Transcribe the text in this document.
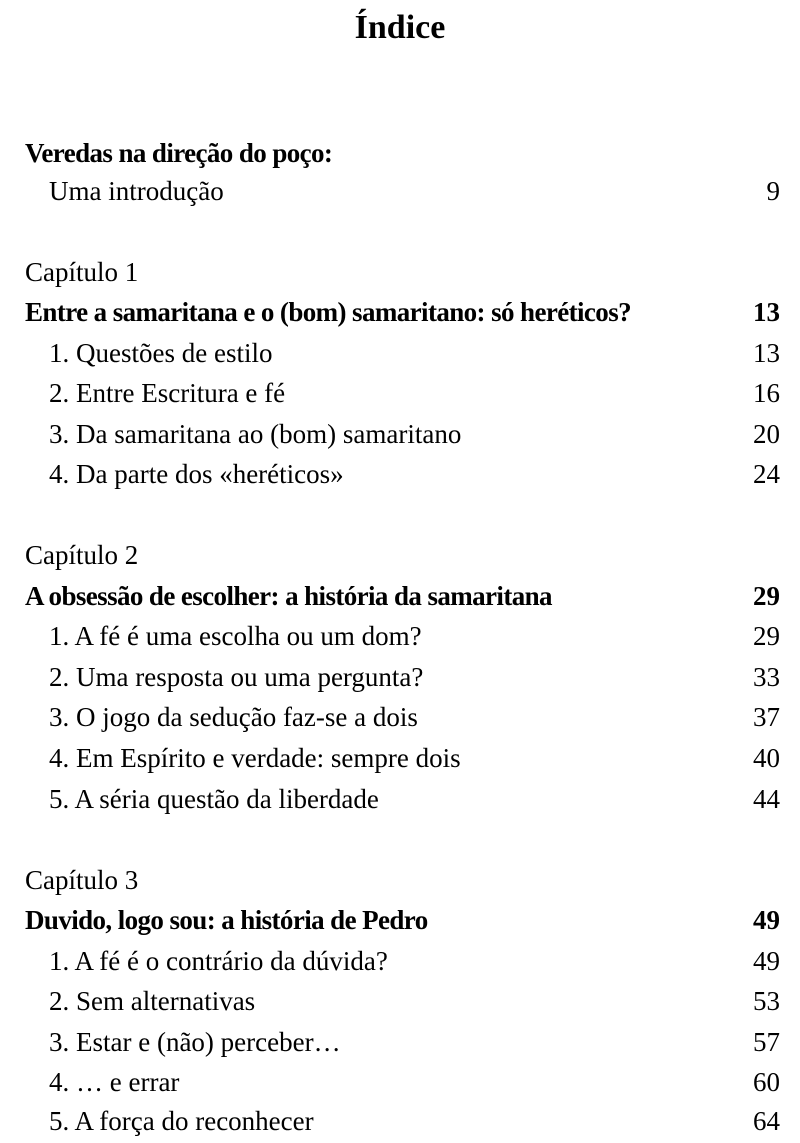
Índice
Veredas na direção do poço:
Uma introdução	9
Capítulo 1
Entre a samaritana e o (bom) samaritano: só heréticos?	13
1. Questões de estilo	13
2. Entre Escritura e fé	16
3. Da samaritana ao (bom) samaritano	20
4. Da parte dos «heréticos»	24
Capítulo 2
A obsessão de escolher: a história da samaritana	29
1. A fé é uma escolha ou um dom?	29
2. Uma resposta ou uma pergunta?	33
3. O jogo da sedução faz-se a dois	37
4. Em Espírito e verdade: sempre dois	40
5. A séria questão da liberdade	44
Capítulo 3
Duvido, logo sou: a história de Pedro	49
1. A fé é o contrário da dúvida?	49
2. Sem alternativas	53
3. Estar e (não) perceber…	57
4. … e errar	60
5. A força do reconhecer	64
